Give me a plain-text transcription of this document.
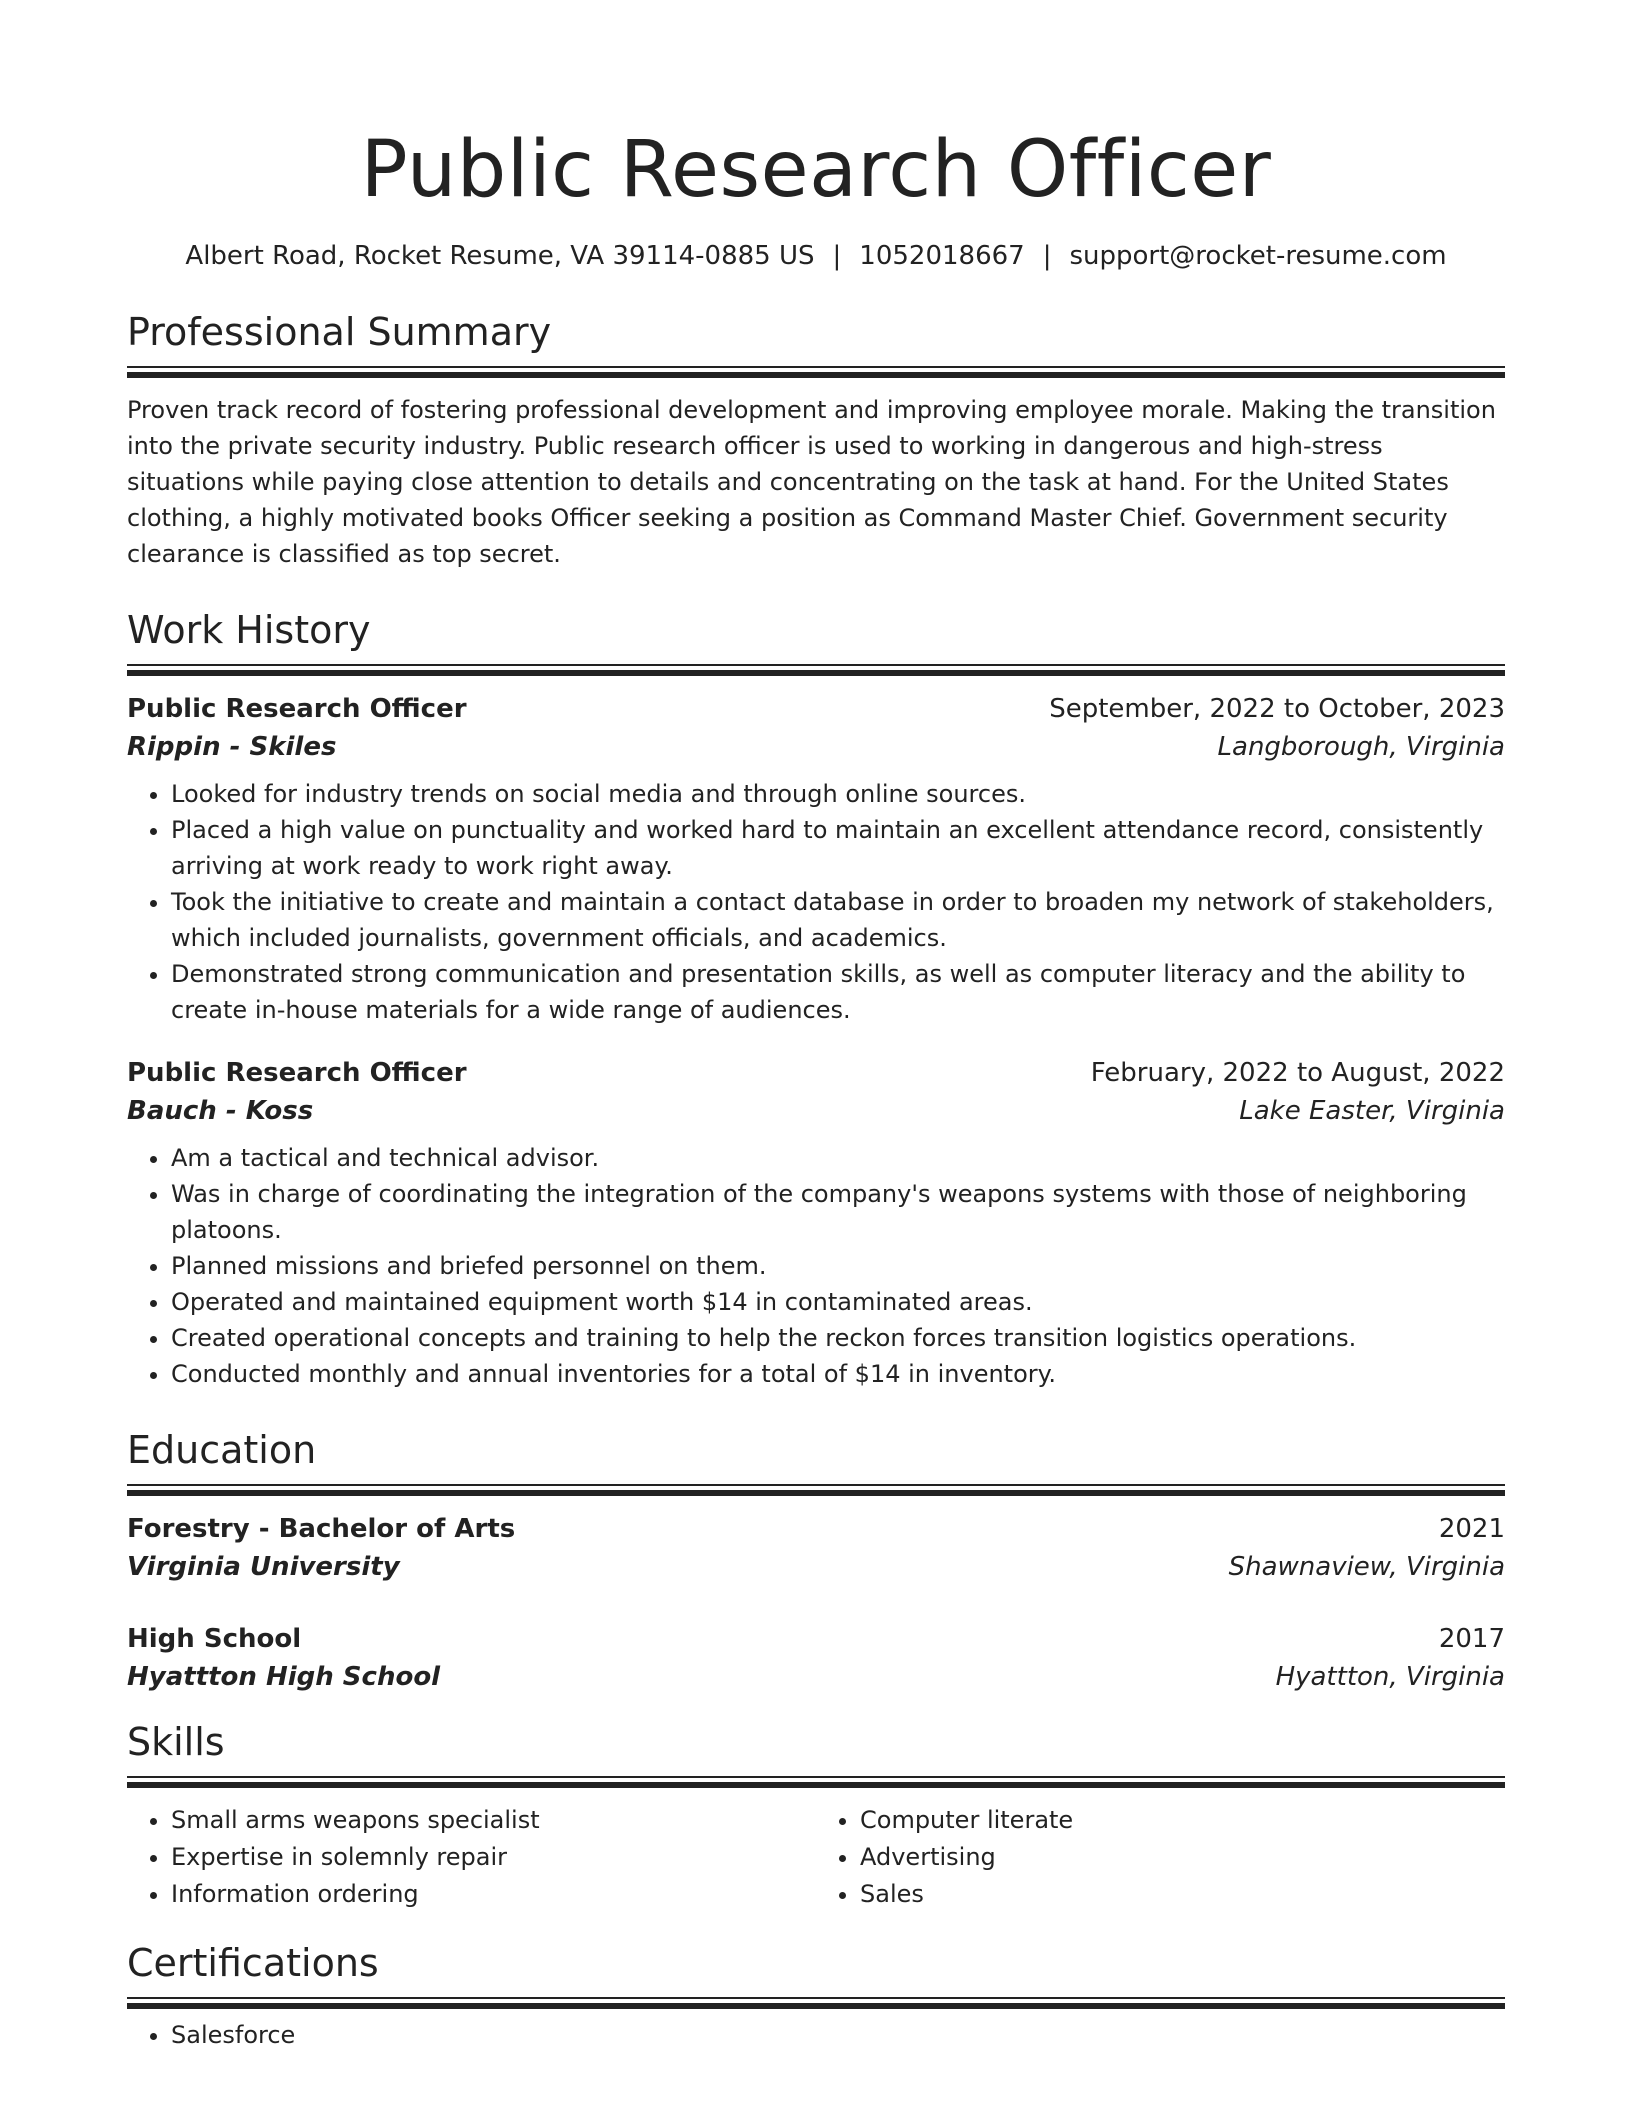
Public Research Officer
Albert Road, Rocket Resume, VA 39114-0885 US | 1052018667 | support@rocket-resume.com
Professional Summary

Proven track record of fostering professional development and improving employee morale. Making the transition into the private security industry. Public research officer is used to working in dangerous and high-stress situations while paying close attention to details and concentrating on the task at hand. For the United States clothing, a highly motivated books Officer seeking a position as Command Master Chief. Government security clearance is classified as top secret.

Work History
Public Research Officer	September, 2022 to October, 2023
Rippin - Skiles	Langborough, Virginia
• Looked for industry trends on social media and through online sources.
• Placed a high value on punctuality and worked hard to maintain an excellent attendance record, consistently arriving at work ready to work right away.
• Took the initiative to create and maintain a contact database in order to broaden my network of stakeholders, which included journalists, government officials, and academics.
• Demonstrated strong communication and presentation skills, as well as computer literacy and the ability to create in-house materials for a wide range of audiences.
Public Research Officer	February, 2022 to August, 2022
Bauch - Koss	Lake Easter, Virginia
• Am a tactical and technical advisor.
• Was in charge of coordinating the integration of the company's weapons systems with those of neighboring platoons.
• Planned missions and briefed personnel on them.
• Operated and maintained equipment worth $14 in contaminated areas.
• Created operational concepts and training to help the reckon forces transition logistics operations.
• Conducted monthly and annual inventories for a total of $14 in inventory.
Education
Forestry - Bachelor of Arts	2021
Virginia University	Shawnaview, Virginia
High School	2017
Hyattton High School	Hyattton, Virginia
Skills
• Small arms weapons specialist
• Expertise in solemnly repair
• Information ordering
• Computer literate
• Advertising
• Sales
Certifications
• Salesforce
